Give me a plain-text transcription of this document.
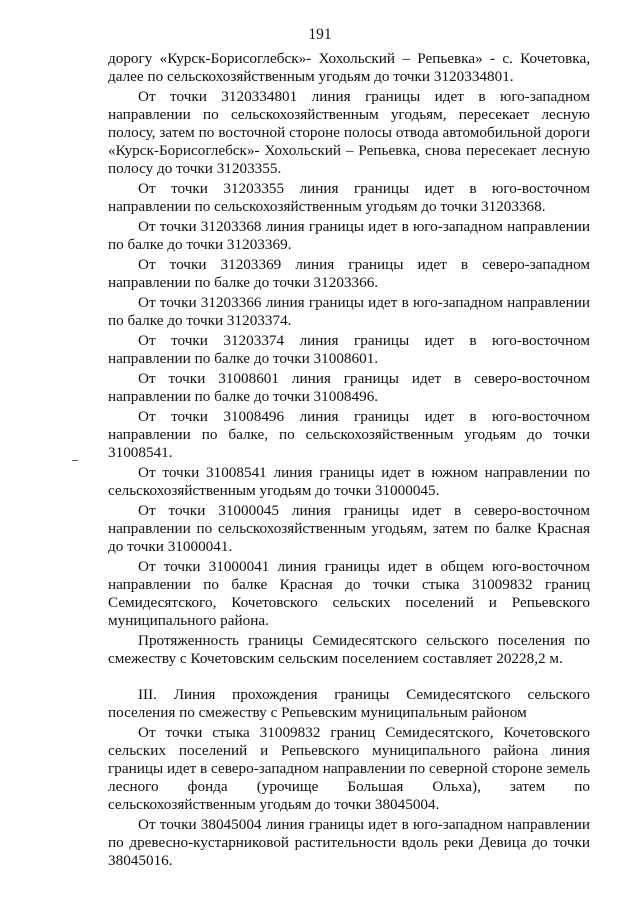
191

дорогу «Курск-Борисоглебск»- Хохольский – Репьевка» - с. Кочетовка, далее по сельскохозяйственным угодьям до точки 3120334801.

От точки 3120334801 линия границы идет в юго-западном направлении по сельскохозяйственным угодьям, пересекает лесную полосу, затем по восточной стороне полосы отвода автомобильной дороги «Курск-Борисоглебск»- Хохольский – Репьевка, снова пересекает лесную полосу до точки 31203355.

От точки 31203355 линия границы идет в юго-восточном направлении по сельскохозяйственным угодьям до точки 31203368.

От точки 31203368 линия границы идет в юго-западном направлении по балке до точки 31203369.

От точки 31203369 линия границы идет в северо-западном направлении по балке до точки 31203366.

От точки 31203366 линия границы идет в юго-западном направлении по балке до точки 31203374.

От точки 31203374 линия границы идет в юго-восточном направлении по балке до точки 31008601.

От точки 31008601 линия границы идет в северо-восточном направлении по балке до точки 31008496.

От точки 31008496 линия границы идет в юго-восточном направлении по балке, по сельскохозяйственным угодьям до точки 31008541.

От точки 31008541 линия границы идет в южном направлении по сельскохозяйственным угодьям до точки 31000045.

От точки 31000045 линия границы идет в северо-восточном направлении по сельскохозяйственным угодьям, затем по балке Красная до точки 31000041.

От точки 31000041 линия границы идет в общем юго-восточном направлении по балке Красная до точки стыка 31009832 границ Семидесятского, Кочетовского сельских поселений и Репьевского муниципального района.

Протяженность границы Семидесятского сельского поселения по смежеству с Кочетовским сельским поселением составляет 20228,2 м.

III. Линия прохождения границы Семидесятского сельского поселения по смежеству с Репьевским муниципальным районом

От точки стыка 31009832 границ Семидесятского, Кочетовского сельских поселений и Репьевского муниципального района линия границы идет в северо-западном направлении по северной стороне земель лесного фонда (урочище Большая Ольха), затем по сельскохозяйственным угодьям до точки 38045004.

От точки 38045004 линия границы идет в юго-западном направлении по древесно-кустарниковой растительности вдоль реки Девица до точки 38045016.
